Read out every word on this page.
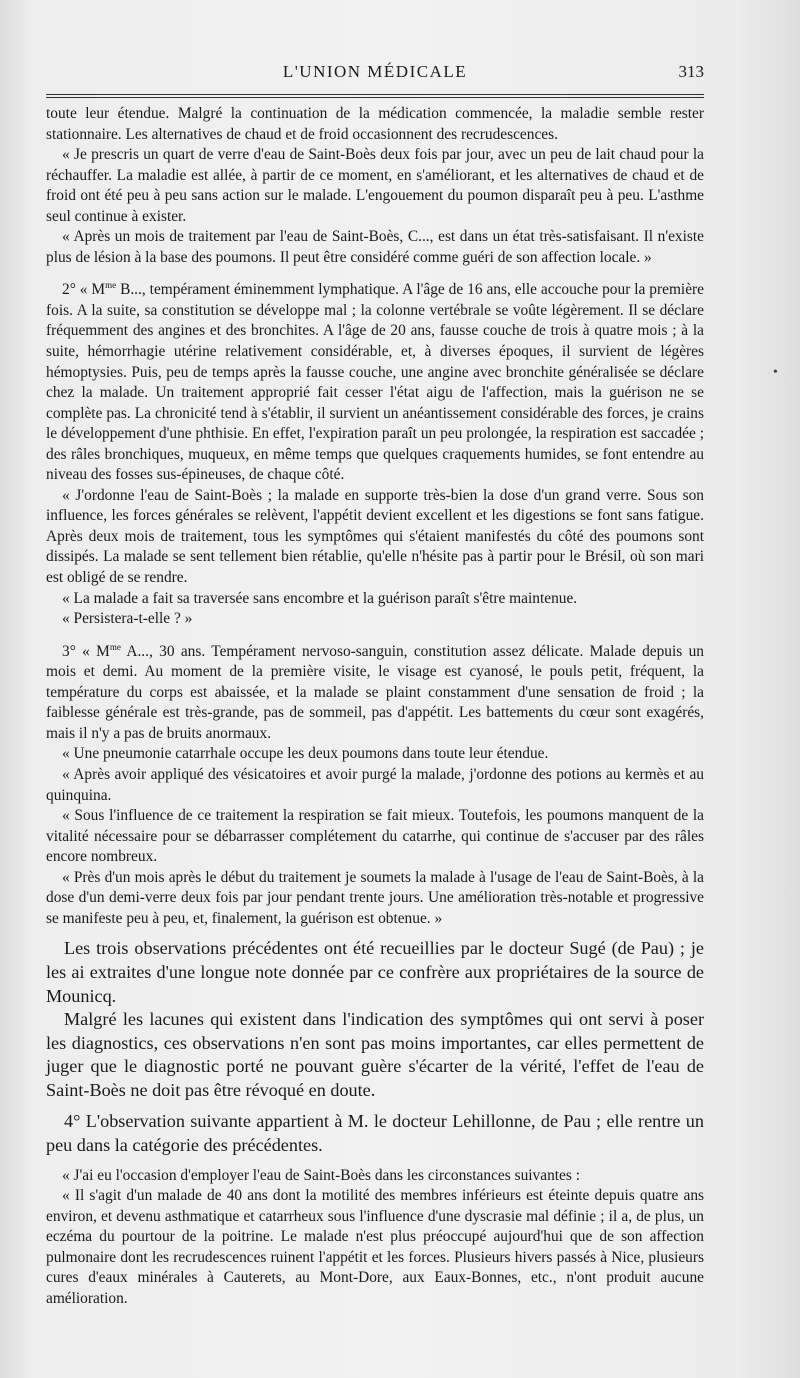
L'UNION MÉDICALE	313

toute leur étendue. Malgré la continuation de la médication commencée, la maladie semble rester stationnaire. Les alternatives de chaud et de froid occasionnent des recrudescences.

« Je prescris un quart de verre d'eau de Saint-Boès deux fois par jour, avec un peu de lait chaud pour la réchauffer. La maladie est allée, à partir de ce moment, en s'améliorant, et les alternatives de chaud et de froid ont été peu à peu sans action sur le malade. L'engouement du poumon disparaît peu à peu. L'asthme seul continue à exister.

« Après un mois de traitement par l'eau de Saint-Boès, C..., est dans un état très-satisfaisant. Il n'existe plus de lésion à la base des poumons. Il peut être considéré comme guéri de son affection locale. »

2° « $M^{me}$ B..., tempérament éminemment lymphatique. A l'âge de 16 ans, elle accouche pour la première fois. A la suite, sa constitution se développe mal ; la colonne vertébrale se voûte légèrement. Il se déclare fréquemment des angines et des bronchites. A l'âge de 20 ans, fausse couche de trois à quatre mois ; à la suite, hémorrhagie utérine relativement considérable, et, à diverses époques, il survient de légères hémoptysies. Puis, peu de temps après la fausse couche, une angine avec bronchite généralisée se déclare chez la malade. Un traitement approprié fait cesser l'état aigu de l'affection, mais la guérison ne se complète pas. La chronicité tend à s'établir, il survient un anéantissement considérable des forces, je crains le développement d'une phthisie. En effet, l'expiration paraît un peu prolongée, la respiration est saccadée ; des râles bronchiques, muqueux, en même temps que quelques craquements humides, se font entendre au niveau des fosses sus-épineuses, de chaque côté.

« J'ordonne l'eau de Saint-Boès ; la malade en supporte très-bien la dose d'un grand verre. Sous son influence, les forces générales se relèvent, l'appétit devient excellent et les digestions se font sans fatigue. Après deux mois de traitement, tous les symptômes qui s'étaient manifestés du côté des poumons sont dissipés. La malade se sent tellement bien rétablie, qu'elle n'hésite pas à partir pour le Brésil, où son mari est obligé de se rendre.

« La malade a fait sa traversée sans encombre et la guérison paraît s'être maintenue.

« Persistera-t-elle ? »

3° « $M^{me}$ A..., 30 ans. Tempérament nervoso-sanguin, constitution assez délicate. Malade depuis un mois et demi. Au moment de la première visite, le visage est cyanosé, le pouls petit, fréquent, la température du corps est abaissée, et la malade se plaint constamment d'une sensation de froid ; la faiblesse générale est très-grande, pas de sommeil, pas d'appétit. Les battements du cœur sont exagérés, mais il n'y a pas de bruits anormaux.

« Une pneumonie catarrhale occupe les deux poumons dans toute leur étendue.

« Après avoir appliqué des vésicatoires et avoir purgé la malade, j'ordonne des potions au kermès et au quinquina.

« Sous l'influence de ce traitement la respiration se fait mieux. Toutefois, les poumons manquent de la vitalité nécessaire pour se débarrasser complétement du catarrhe, qui continue de s'accuser par des râles encore nombreux.

« Près d'un mois après le début du traitement je soumets la malade à l'usage de l'eau de Saint-Boès, à la dose d'un demi-verre deux fois par jour pendant trente jours. Une amélioration très-notable et progressive se manifeste peu à peu, et, finalement, la guérison est obtenue. »

Les trois observations précédentes ont été recueillies par le docteur Sugé (de Pau) ; je les ai extraites d'une longue note donnée par ce confrère aux propriétaires de la source de Mounicq.

Malgré les lacunes qui existent dans l'indication des symptômes qui ont servi à poser les diagnostics, ces observations n'en sont pas moins importantes, car elles permettent de juger que le diagnostic porté ne pouvant guère s'écarter de la vérité, l'effet de l'eau de Saint-Boès ne doit pas être révoqué en doute.

4° L'observation suivante appartient à M. le docteur Lehillonne, de Pau ; elle rentre un peu dans la catégorie des précédentes.

« J'ai eu l'occasion d'employer l'eau de Saint-Boès dans les circonstances suivantes :

« Il s'agit d'un malade de 40 ans dont la motilité des membres inférieurs est éteinte depuis quatre ans environ, et devenu asthmatique et catarrheux sous l'influence d'une dyscrasie mal définie ; il a, de plus, un eczéma du pourtour de la poitrine. Le malade n'est plus préoccupé aujourd'hui que de son affection pulmonaire dont les recrudescences ruinent l'appétit et les forces. Plusieurs hivers passés à Nice, plusieurs cures d'eaux minérales à Cauterets, au Mont-Dore, aux Eaux-Bonnes, etc., n'ont produit aucune amélioration.

•
